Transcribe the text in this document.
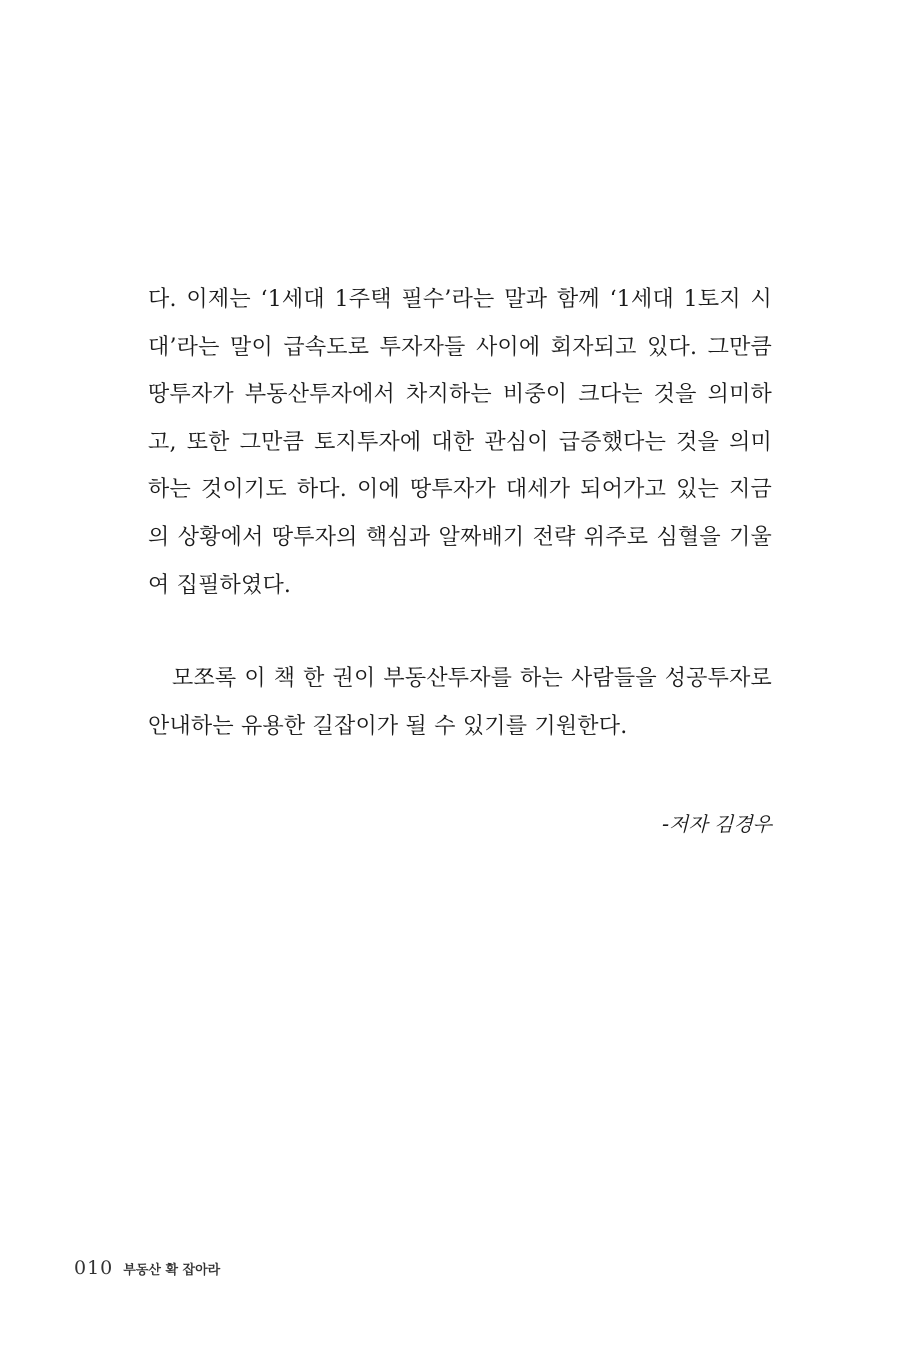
다. 이제는 ‘1세대 1주택 필수’라는 말과 함께 ‘1세대 1토지 시
대’라는 말이 급속도로 투자자들 사이에 회자되고 있다. 그만큼
땅투자가 부동산투자에서 차지하는 비중이 크다는 것을 의미하
고, 또한 그만큼 토지투자에 대한 관심이 급증했다는 것을 의미
하는 것이기도 하다. 이에 땅투자가 대세가 되어가고 있는 지금
의 상황에서 땅투자의 핵심과 알짜배기 전략 위주로 심혈을 기울
여 집필하였다.
모쪼록 이 책 한 권이 부동산투자를 하는 사람들을 성공투자로
안내하는 유용한 길잡이가 될 수 있기를 기원한다.
-저자 김경우
010 부동산 확 잡아라
